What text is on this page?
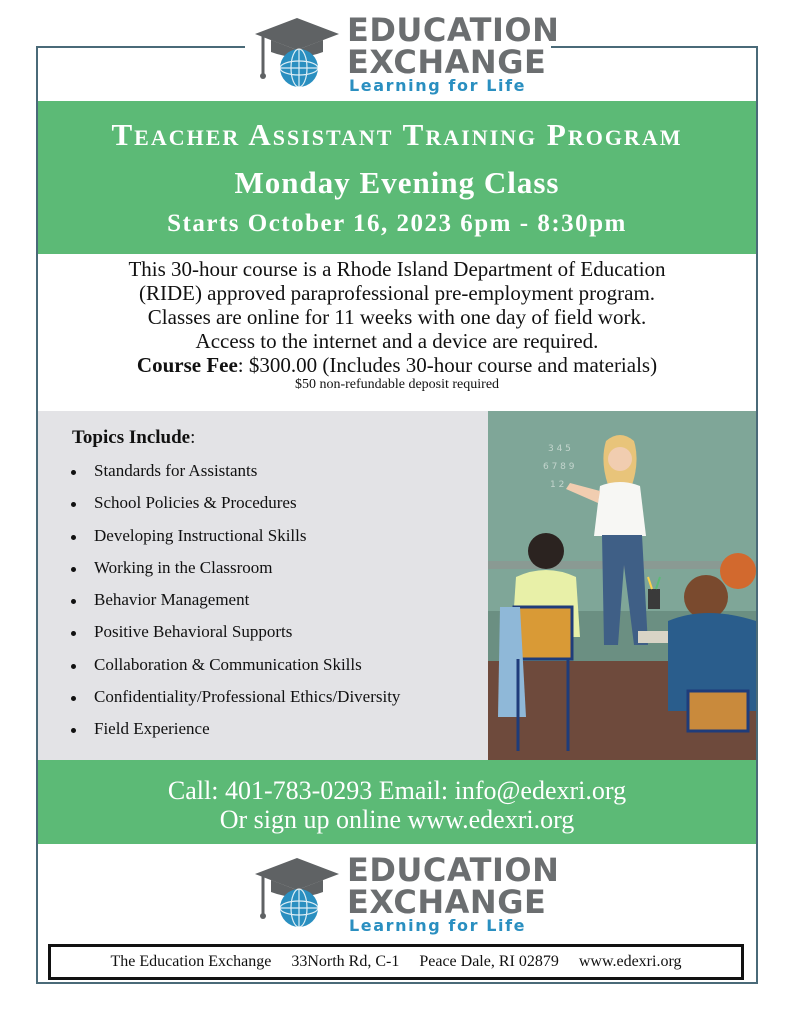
EDUCATION
EXCHANGE
Learning for Life
Teacher Assistant Training Program
Monday Evening Class
Starts October 16, 2023 6pm - 8:30pm
This 30-hour course is a Rhode Island Department of Education
(RIDE) approved paraprofessional pre-employment program.
Classes are online for 11 weeks with one day of field work.
Access to the internet and a device are required.
Course Fee: $300.00 (Includes 30-hour course and materials)
$50 non-refundable deposit required
Topics Include:
Standards for Assistants
School Policies & Procedures
Developing Instructional Skills
Working in the Classroom
Behavior Management
Positive Behavioral Supports
Collaboration & Communication Skills
Confidentiality/Professional Ethics/Diversity
Field Experience
3 4 5
6 7 8 9
1 2
Call: 401-783-0293 Email: info@edexri.org
Or sign up online www.edexri.org
EDUCATION
EXCHANGE
Learning for Life
The Education Exchange     33North Rd, C-1     Peace Dale, RI 02879     www.edexri.org
